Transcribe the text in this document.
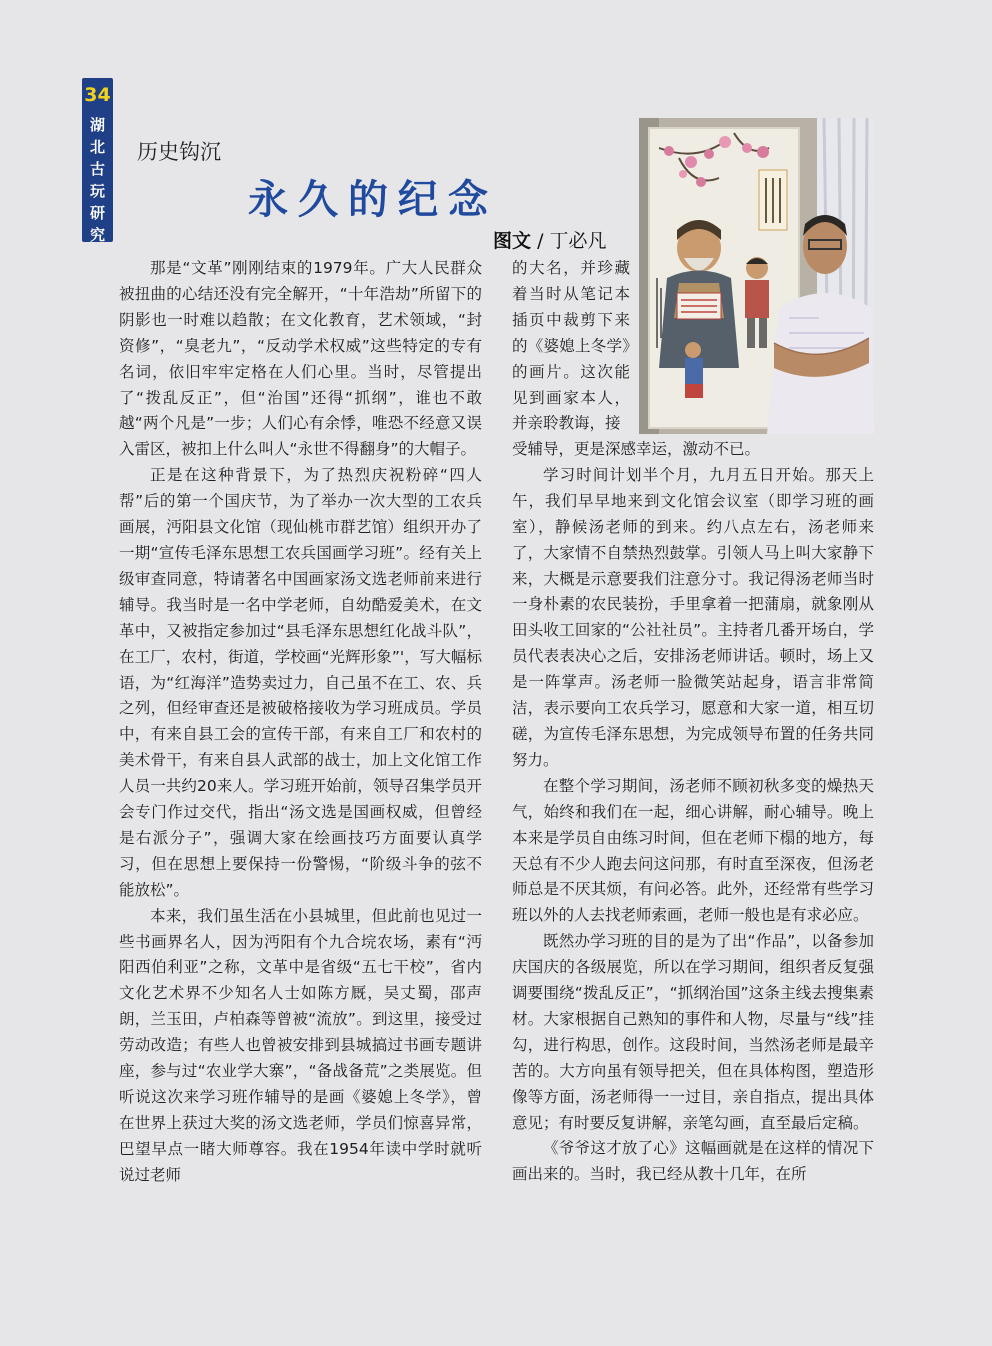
34
湖
北
古
玩
研
究
历史钩沉
永久的纪念
图文 / 丁必凡

那是“文革”刚刚结束的1979年。广大人民群众被扭曲的心结还没有完全解开，“十年浩劫”所留下的阴影也一时难以趋散；在文化教育，艺术领域，“封资修”，“臭老九”，“反动学术权威”这些特定的专有名词，依旧牢牢定格在人们心里。当时，尽管提出了“拨乱反正”，但“治国”还得“抓纲”，谁也不敢越“两个凡是”一步；人们心有余悸，唯恐不经意又误入雷区，被扣上什么叫人“永世不得翻身”的大帽子。

正是在这种背景下，为了热烈庆祝粉碎“四人帮”后的第一个国庆节，为了举办一次大型的工农兵画展，沔阳县文化馆（现仙桃市群艺馆）组织开办了一期“宣传毛泽东思想工农兵国画学习班”。经有关上级审查同意，特请著名中国画家汤文选老师前来进行辅导。我当时是一名中学老师，自幼酷爱美术，在文革中，又被指定参加过“县毛泽东思想红化战斗队”，在工厂，农村，街道，学校画“光辉形象”'，写大幅标语，为“红海洋”造势卖过力，自己虽不在工、农、兵之列，但经审查还是被破格接收为学习班成员。学员中，有来自县工会的宣传干部，有来自工厂和农村的美术骨干，有来自县人武部的战士，加上文化馆工作人员一共约20来人。学习班开始前，领导召集学员开会专门作过交代，指出“汤文选是国画权威，但曾经是右派分子”，强调大家在绘画技巧方面要认真学习，但在思想上要保持一份警惕，“阶级斗争的弦不能放松”。

本来，我们虽生活在小县城里，但此前也见过一些书画界名人，因为沔阳有个九合垸农场，素有“沔阳西伯利亚”之称，文革中是省级“五七干校”，省内文化艺术界不少知名人士如陈方厩，吴丈蜀，邵声朗，兰玉田，卢柏森等曾被“流放”。到这里，接受过劳动改造；有些人也曾被安排到县城搞过书画专题讲座，参与过“农业学大寨”，“备战备荒”之类展览。但听说这次来学习班作辅导的是画《婆媳上冬学》，曾在世界上获过大奖的汤文选老师，学员们惊喜异常，巴望早点一睹大师尊容。我在1954年读中学时就听说过老师

的大名，并珍藏着当时从笔记本插页中裁剪下来的《婆媳上冬学》的画片。这次能见到画家本人，并亲聆教诲，接

受辅导，更是深感幸运，激动不已。

学习时间计划半个月，九月五日开始。那天上午，我们早早地来到文化馆会议室（即学习班的画室），静候汤老师的到来。约八点左右，汤老师来了，大家情不自禁热烈鼓掌。引领人马上叫大家静下来，大概是示意要我们注意分寸。我记得汤老师当时一身朴素的农民装扮，手里拿着一把蒲扇，就象刚从田头收工回家的“公社社员”。主持者几番开场白，学员代表表决心之后，安排汤老师讲话。顿时，场上又是一阵掌声。汤老师一脸微笑站起身，语言非常简洁，表示要向工农兵学习，愿意和大家一道，相互切磋，为宣传毛泽东思想，为完成领导布置的任务共同努力。

在整个学习期间，汤老师不顾初秋多变的燥热天气，始终和我们在一起，细心讲解，耐心辅导。晚上本来是学员自由练习时间，但在老师下榻的地方，每天总有不少人跑去问这问那，有时直至深夜，但汤老师总是不厌其烦，有问必答。此外，还经常有些学习班以外的人去找老师索画，老师一般也是有求必应。

既然办学习班的目的是为了出“作品”，以备参加庆国庆的各级展览，所以在学习期间，组织者反复强调要围绕“拨乱反正”，“抓纲治国”这条主线去搜集素材。大家根据自己熟知的事件和人物，尽量与“线”挂勾，进行构思，创作。这段时间，当然汤老师是最辛苦的。大方向虽有领导把关，但在具体构图，塑造形像等方面，汤老师得一一过目，亲自指点，提出具体意见；有时要反复讲解，亲笔勾画，直至最后定稿。

《爷爷这才放了心》这幅画就是在这样的情况下画出来的。当时，我已经从教十几年，在所
